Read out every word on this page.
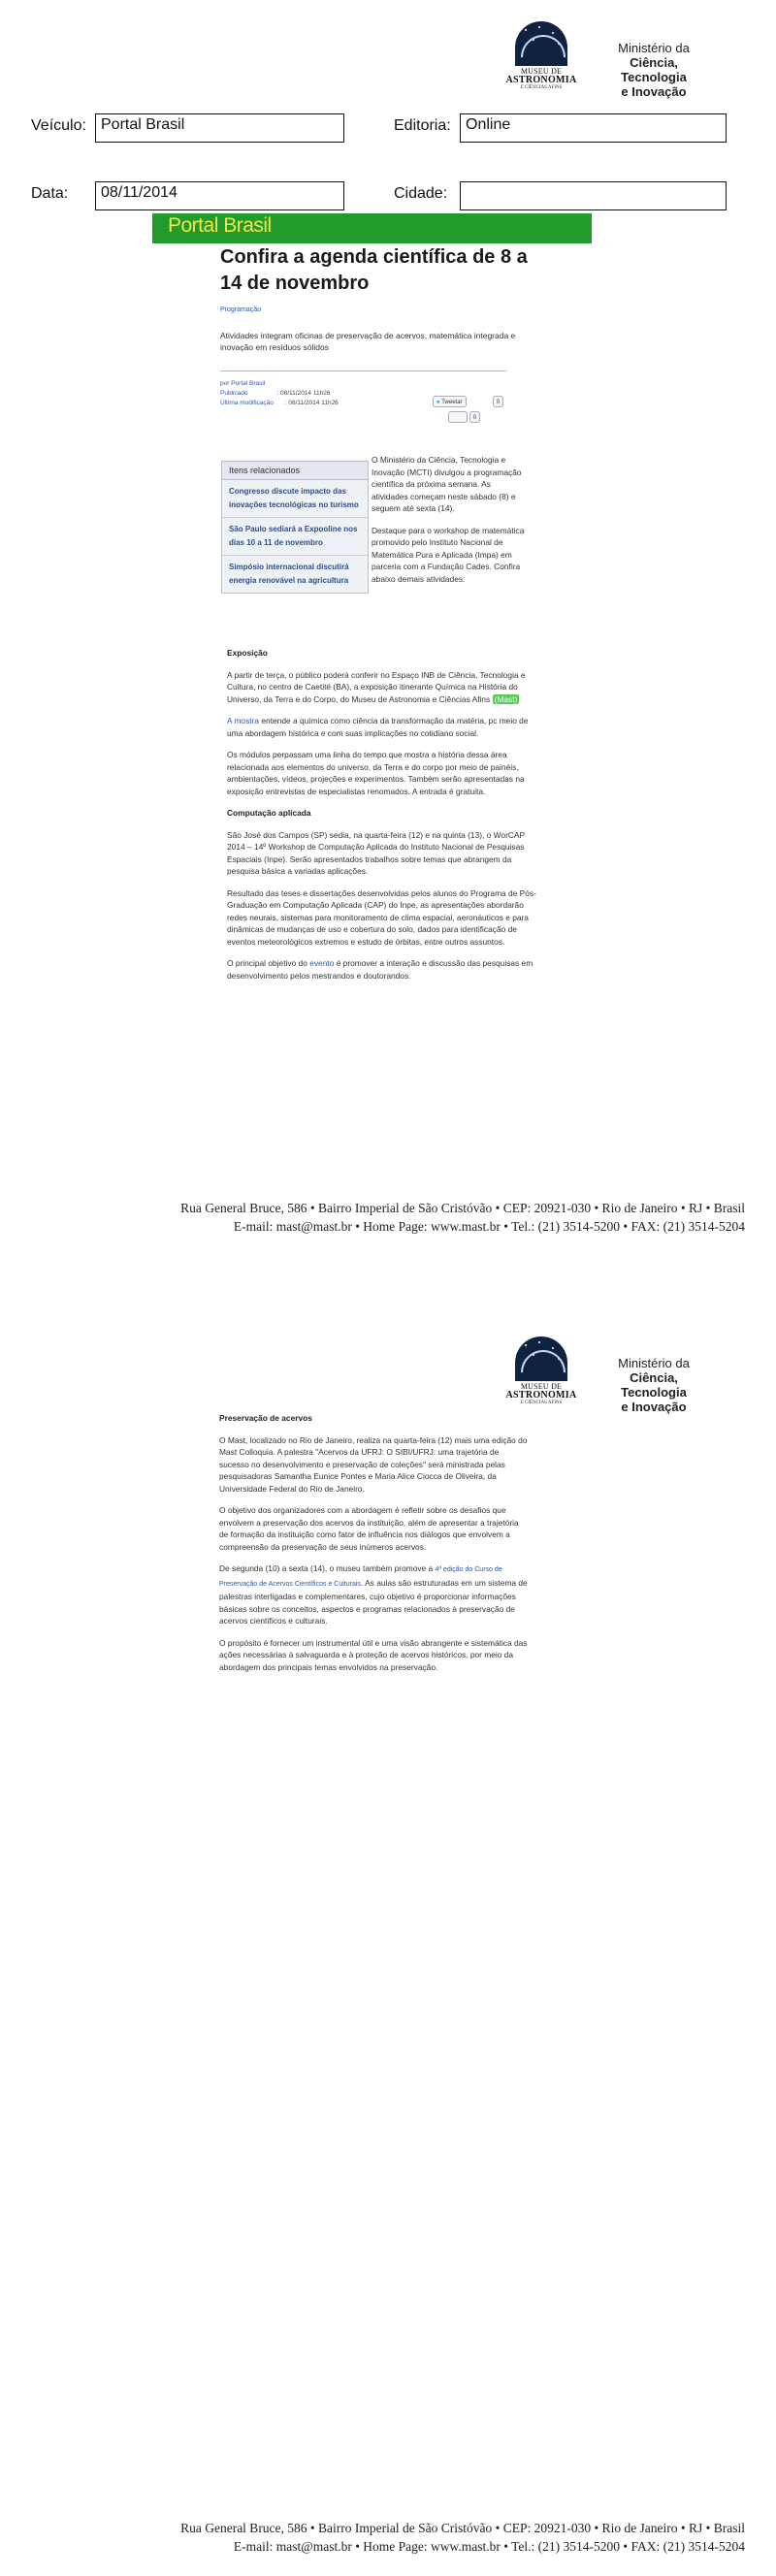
MUSEU DE
ASTRONOMIA
E CIÊNCIAS AFINS
Ministério da
Ciência, Tecnologia
e Inovação
Veículo: Portal Brasil	Editoria: Online
Data:	08/11/2014	Cidade:
Portal Brasil
Confira a agenda científica de 8 a 14 de novembro
Programação
Atividades integram oficinas de preservação de acervos, matemática integrada e inovação em resíduos sólidos
por Portal Brasil
Publicado	: 08/11/2014 11h26
Última modificação : 08/11/2014 11h26	● Tweetar	0
0
Itens relacionados
Congresso discute impacto das inovações tecnológicas no turismo
São Paulo sediará a Expooline nos dias 10 a 11 de novembro
Simpósio internacional discutirá energia renovável na agricultura

O Ministério da Ciência, Tecnologia e Inovação (MCTI) divulgou a programação científica da próxima semana. As atividades começam neste sábado (8) e seguem até sexta (14).

Destaque para o workshop de matemática promovido pelo Instituto Nacional de Matemática Pura e Aplicada (Impa) em parceria com a Fundação Cades. Confira abaixo demais atividades:

Exposição

A partir de terça, o público poderá conferir no Espaço INB de Ciência, Tecnologia e Cultura, no centro de Caetité (BA), a exposição itinerante Química na História do Universo, da Terra e do Corpo, do Museu de Astronomia e Ciências Afins (Mast)

A mostra entende a química como ciência da transformação da matéria, pc meio de uma abordagem histórica e com suas implicações no cotidiano social.

Os módulos perpassam uma linha do tempo que mostra a história dessa área relacionada aos elementos do universo, da Terra e do corpo por meio de painéis, ambientações, vídeos, projeções e experimentos. Também serão apresentadas na exposição entrevistas de especialistas renomados. A entrada é gratuita.

Computação aplicada

São José dos Campos (SP) sedia, na quarta-feira (12) e na quinta (13), o WorCAP 2014 – 14º Workshop de Computação Aplicada do Instituto Nacional de Pesquisas Espaciais (Inpe). Serão apresentados trabalhos sobre temas que abrangem da pesquisa básica a variadas aplicações.

Resultado das teses e dissertações desenvolvidas pelos alunos do Programa de Pós-Graduação em Computação Aplicada (CAP) do Inpe, as apresentações abordarão redes neurais, sistemas para monitoramento de clima espacial, aeronáuticos e para dinâmicas de mudanças de uso e cobertura do solo, dados para identificação de eventos meteorológicos extremos e estudo de órbitas, entre outros assuntos.

O principal objetivo do evento é promover a interação e discussão das pesquisas em desenvolvimento pelos mestrandos e doutorandos.

Rua General Bruce, 586 • Bairro Imperial de São Cristóvão • CEP: 20921-030 • Rio de Janeiro • RJ • Brasil
E-mail: mast@mast.br • Home Page: www.mast.br • Tel.: (21) 3514-5200 • FAX: (21) 3514-5204
MUSEU DE
ASTRONOMIA
E CIÊNCIAS AFINS
Ministério da
Ciência, Tecnologia
e Inovação

Preservação de acervos

O Mast, localizado no Rio de Janeiro, realiza na quarta-feira (12) mais uma edição do Mast Colloquia. A palestra "Acervos da UFRJ: O SIBI/UFRJ: uma trajetória de sucesso no desenvolvimento e preservação de coleções" será ministrada pelas pesquisadoras Samantha Eunice Pontes e Maria Alice Ciocca de Oliveira, da Universidade Federal do Rio de Janeiro.

O objetivo dos organizadores com a abordagem é refletir sobre os desafios que envolvem a preservação dos acervos da instituição, além de apresentar a trajetória de formação da instituição como fator de influência nos diálogos que envolvem a compreensão da preservação de seus inúmeros acervos.

De segunda (10) a sexta (14), o museu também promove a 4ª edição do Curso de Preservação de Acervos Científicos e Culturais. As aulas são estruturadas em um sistema de palestras interligadas e complementares, cujo objetivo é proporcionar informações básicas sobre os conceitos, aspectos e programas relacionados à preservação de acervos científicos e culturais.

O propósito é fornecer um instrumental útil e uma visão abrangente e sistemática das ações necessárias à salvaguarda e à proteção de acervos históricos, por meio da abordagem dos principais temas envolvidos na preservação.

Rua General Bruce, 586 • Bairro Imperial de São Cristóvão • CEP: 20921-030 • Rio de Janeiro • RJ • Brasil
E-mail: mast@mast.br • Home Page: www.mast.br • Tel.: (21) 3514-5200 • FAX: (21) 3514-5204
